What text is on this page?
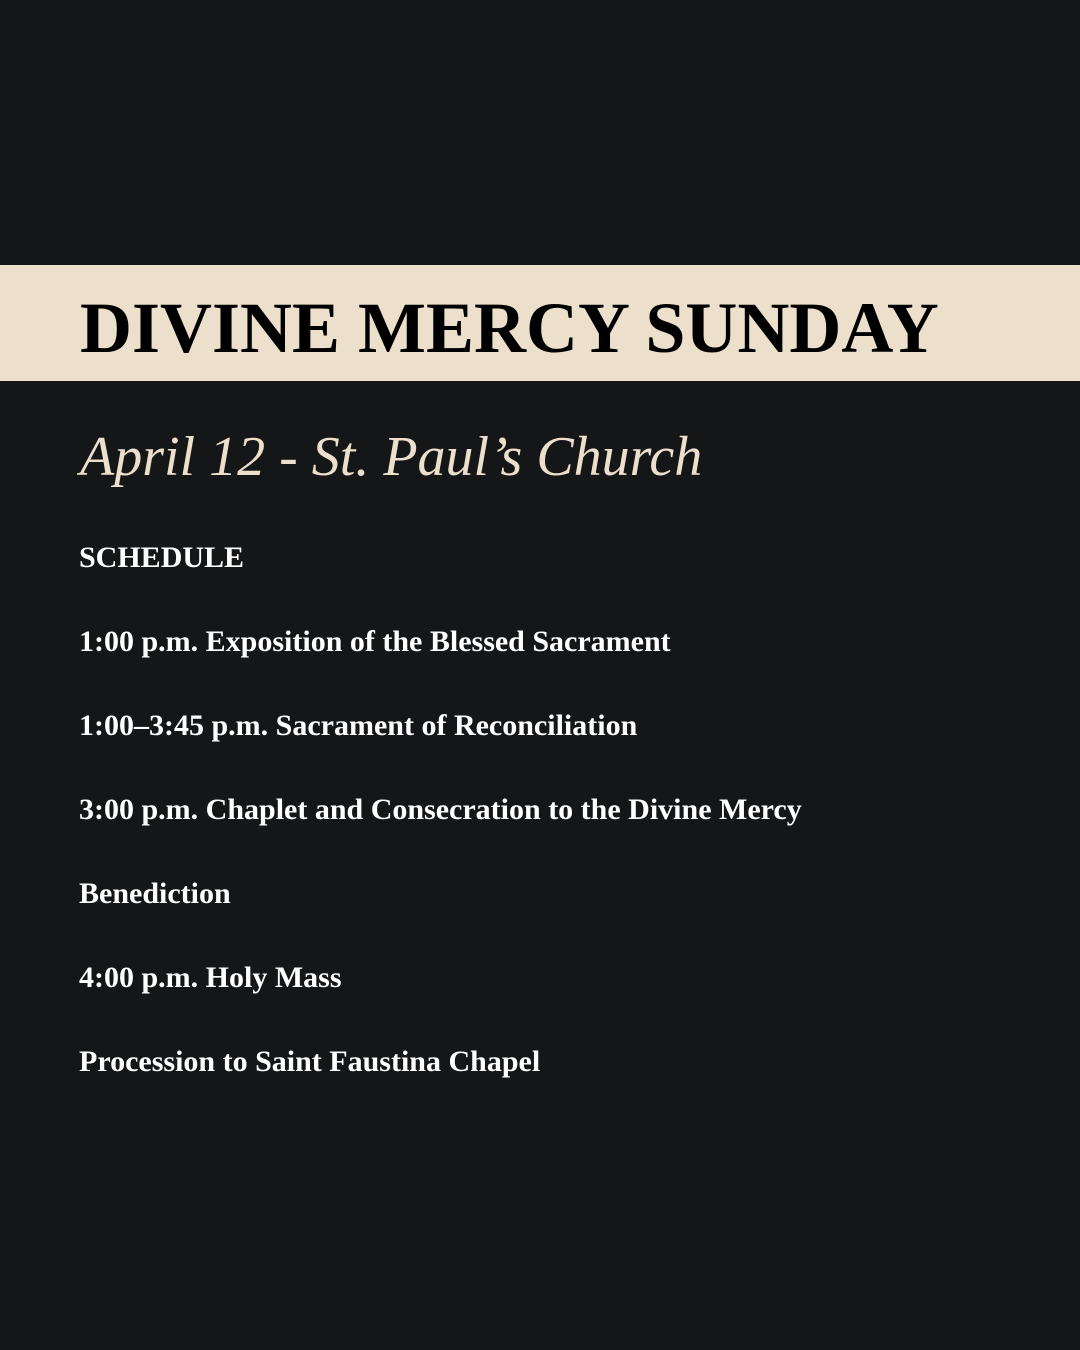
DIVINE MERCY SUNDAY
April 12 - St. Paul’s Church
SCHEDULE
1:00 p.m. Exposition of the Blessed Sacrament
1:00–3:45 p.m. Sacrament of Reconciliation
3:00 p.m. Chaplet and Consecration to the Divine Mercy
Benediction
4:00 p.m. Holy Mass
Procession to Saint Faustina Chapel
